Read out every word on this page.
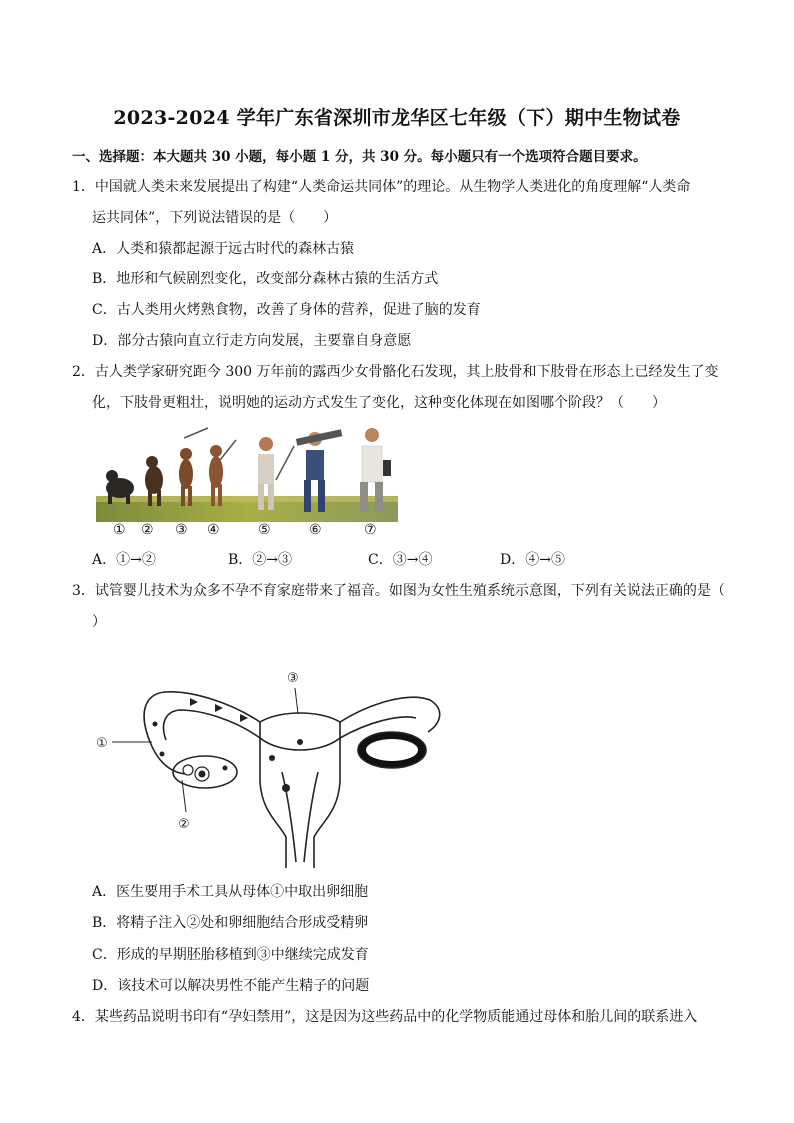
2023-2024 学年广东省深圳市龙华区七年级（下）期中生物试卷
一、选择题：本大题共 30 小题，每小题 1 分，共 30 分。每小题只有一个选项符合题目要求。
1．中国就人类未来发展提出了构建“人类命运共同体”的理论。从生物学人类进化的角度理解“人类命
运共同体”，下列说法错误的是（　　）
A．人类和猿都起源于远古时代的森林古猿
B．地形和气候剧烈变化，改变部分森林古猿的生活方式
C．古人类用火烤熟食物，改善了身体的营养，促进了脑的发育
D．部分古猿向直立行走方向发展，主要靠自身意愿
2．古人类学家研究距今 300 万年前的露西少女骨骼化石发现，其上肢骨和下肢骨在形态上已经发生了变
化，下肢骨更粗壮，说明她的运动方式发生了变化，这种变化体现在如图哪个阶段？（　　）
① ② ③ ④	⑤	⑥	⑦
A．①→②	B．②→③	C．③→④	D．④→⑤
3．试管婴儿技术为众多不孕不育家庭带来了福音。如图为女性生殖系统示意图，下列有关说法正确的是（
）
①
②
③
A．医生要用手术工具从母体①中取出卵细胞
B．将精子注入②处和卵细胞结合形成受精卵
C．形成的早期胚胎移植到③中继续完成发育
D．该技术可以解决男性不能产生精子的问题
4．某些药品说明书印有“孕妇禁用”，这是因为这些药品中的化学物质能通过母体和胎儿间的联系进入
